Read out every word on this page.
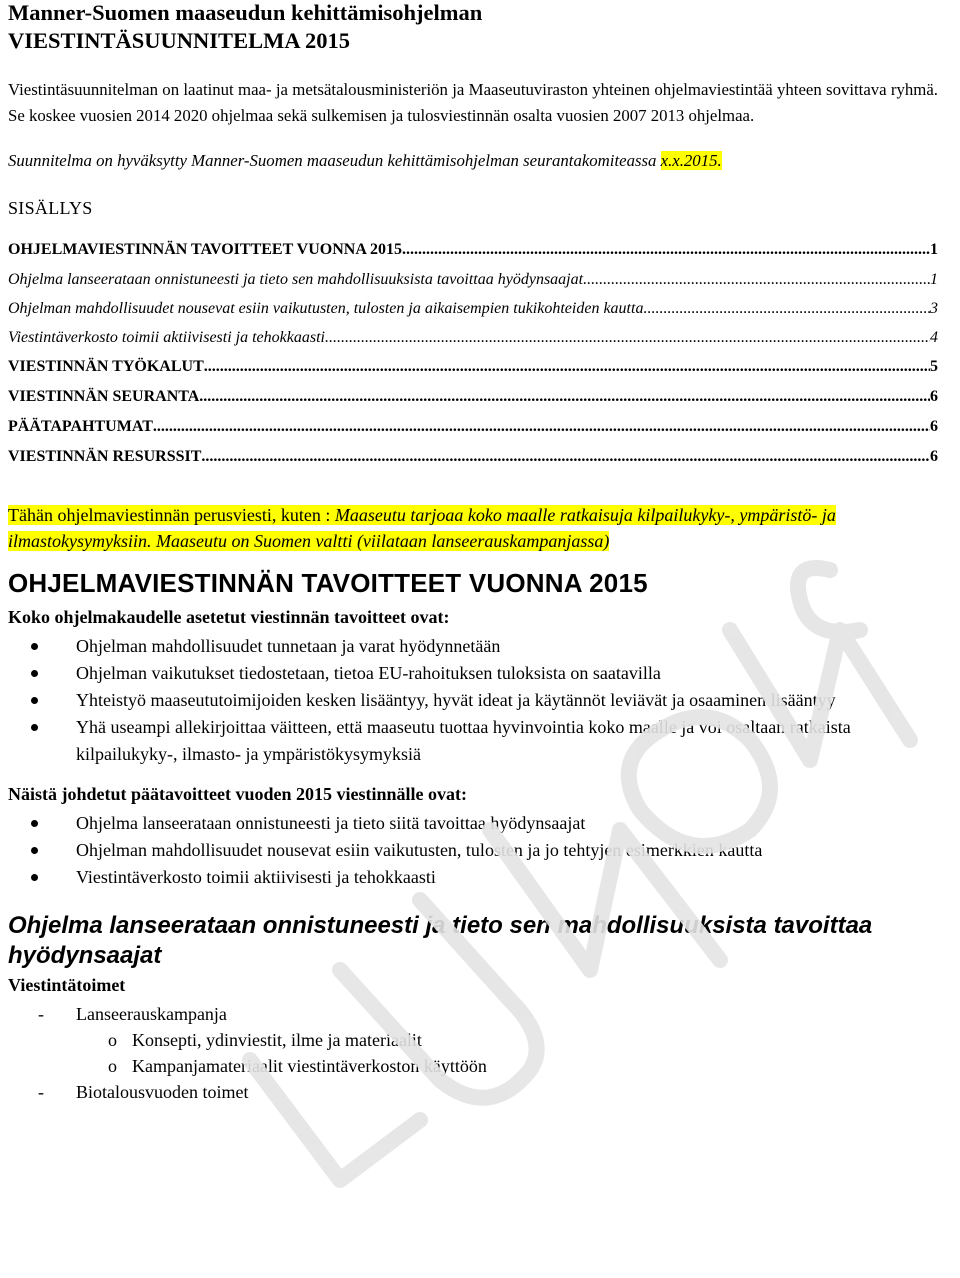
Manner-Suomen maaseudun kehittämisohjelman
VIESTINTÄSUUNNITELMA 2015
Viestintäsuunnitelman on laatinut maa- ja metsätalousministeriön ja Maaseutuviraston yhteinen ohjelmaviestintää yhteen sovittava ryhmä. Se koskee vuosien 2014 2020 ohjelmaa sekä sulkemisen ja tulosviestinnän osalta vuosien 2007 2013 ohjelmaa.
Suunnitelma on hyväksytty Manner-Suomen maaseudun kehittämisohjelman seurantakomiteassa x.x.2015.
SISÄLLYS
OHJELMAVIESTINNÄN TAVOITTEET VUONNA 2015 .....	1
Ohjelma lanseerataan onnistuneesti ja tieto sen mahdollisuuksista tavoittaa hyödynsaajat .....	1
Ohjelman mahdollisuudet nousevat esiin vaikutusten, tulosten ja aikaisempien tukikohteiden kautta .....	3
Viestintäverkosto toimii aktiivisesti ja tehokkaasti .....	4
VIESTINNÄN TYÖKALUT .....	5
VIESTINNÄN SEURANTA .....	6
PÄÄTAPAHTUMAT .....	6
VIESTINNÄN RESURSSIT .....	6
Tähän ohjelmaviestinnän perusviesti, kuten : Maaseutu tarjoaa koko maalle ratkaisuja kilpailukyky-, ympäristö- ja ilmastokysymyksiin. Maaseutu on Suomen valtti (viilataan lanseerauskampanjassa)
OHJELMAVIESTINNÄN TAVOITTEET VUONNA 2015
Koko ohjelmakaudelle asetetut viestinnän tavoitteet ovat:
Ohjelman mahdollisuudet tunnetaan ja varat hyödynnetään
Ohjelman vaikutukset tiedostetaan, tietoa EU-rahoituksen tuloksista on saatavilla
Yhteistyö maaseututoimijoiden kesken lisääntyy, hyvät ideat ja käytännöt leviävät ja osaaminen lisääntyy
Yhä useampi allekirjoittaa väitteen, että maaseutu tuottaa hyvinvointia koko maalle ja voi osaltaan ratkaista kilpailukyky-, ilmasto- ja ympäristökysymyksiä
Näistä johdetut päätavoitteet vuoden 2015 viestinnälle ovat:
Ohjelma lanseerataan onnistuneesti ja tieto siitä tavoittaa hyödynsaajat
Ohjelman mahdollisuudet nousevat esiin vaikutusten, tulosten ja jo tehtyjen esimerkkien kautta
Viestintäverkosto toimii aktiivisesti ja tehokkaasti
Ohjelma lanseerataan onnistuneesti ja tieto sen mahdollisuuksista tavoittaa hyödynsaajat
Viestintätoimet
- Lanseerauskampanja
o Konsepti, ydinviestit, ilme ja materiaalit
o Kampanjamateriaalit viestintäverkoston käyttöön
- Biotalousvuoden toimet
